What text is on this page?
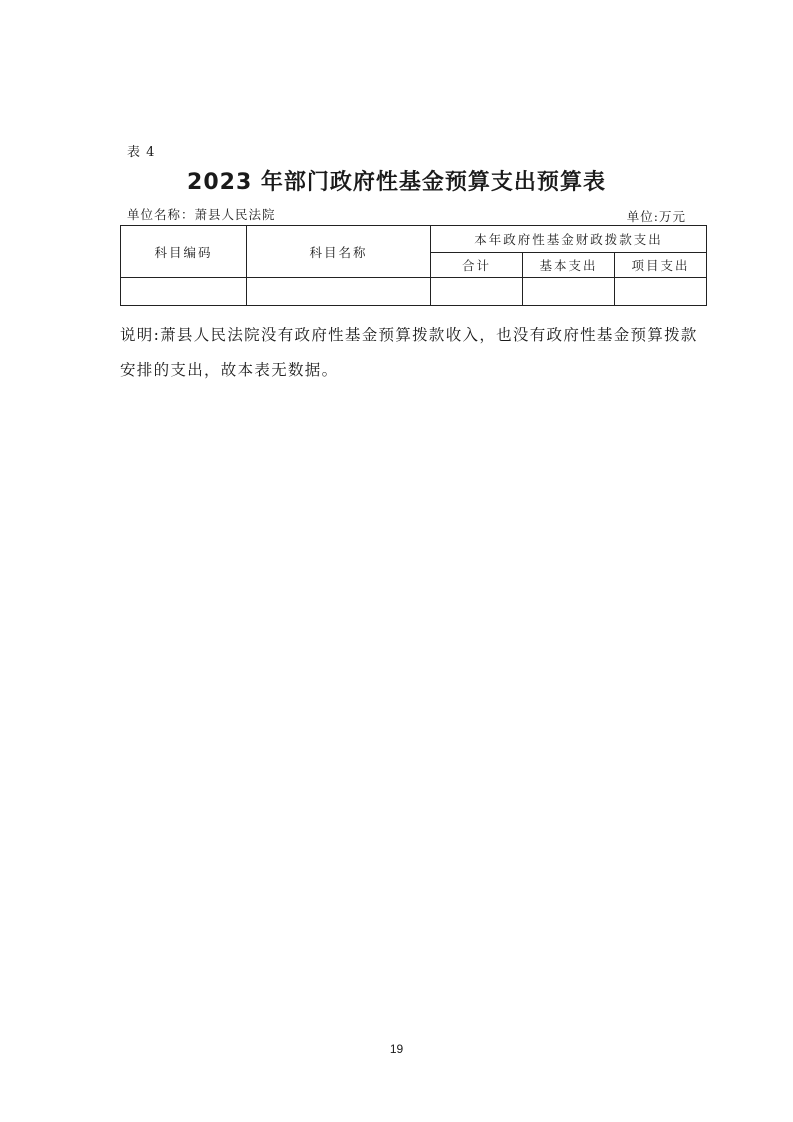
表 4
2023 年部门政府性基金预算支出预算表
单位名称：萧县人民法院	单位:万元
科目编码	科目名称	本年政府性基金财政拨款支出		
		合计	基本支出	项目支出

说明:萧县人民法院没有政府性基金预算拨款收入，也没有政府性基金预算拨款安排的支出，故本表无数据。
19
